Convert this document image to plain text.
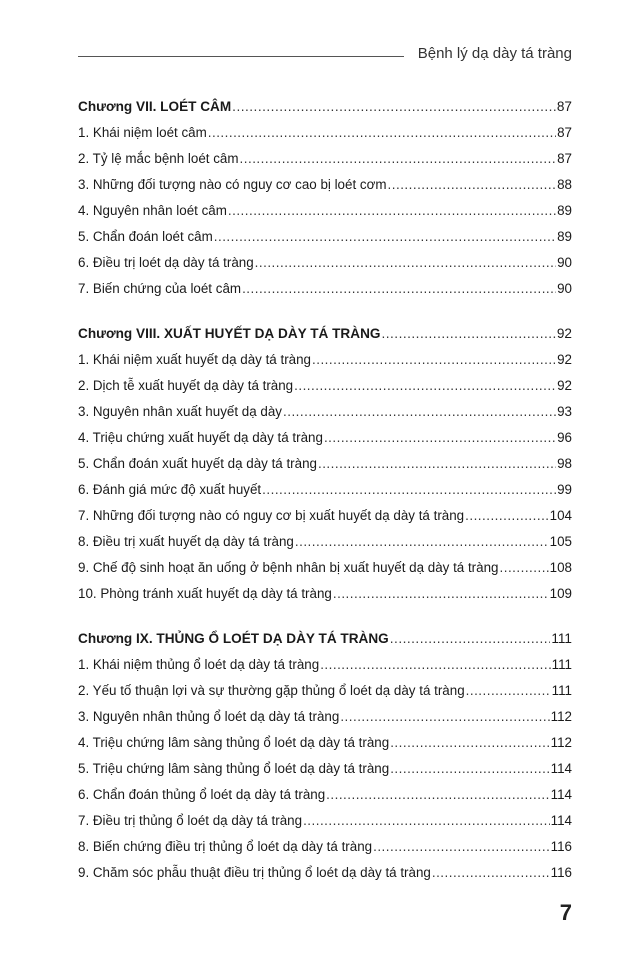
Bệnh lý dạ dày tá tràng
Chương VII. LOÉT CÂM .....	87
1. Khái niệm loét câm .....	87
2. Tỷ lệ mắc bệnh loét câm .....	87
3. Những đối tượng nào có nguy cơ cao bị loét cơm .....	88
4. Nguyên nhân loét câm .....	89
5. Chẩn đoán loét câm .....	89
6. Điều trị loét dạ dày tá tràng .....	90
7. Biến chứng của loét câm .....	90
Chương VIII. XUẤT HUYẾT DẠ DÀY TÁ TRÀNG .....	92
1. Khái niệm xuất huyết dạ dày tá tràng .....	92
2. Dịch tễ xuất huyết dạ dày tá tràng .....	92
3. Nguyên nhân xuất huyết dạ dày .....	93
4. Triệu chứng xuất huyết dạ dày tá tràng .....	96
5. Chẩn đoán xuất huyết dạ dày tá tràng .....	98
6. Đánh giá mức độ xuất huyết .....	99
7. Những đối tượng nào có nguy cơ bị xuất huyết dạ dày tá tràng .....	104
8. Điều trị xuất huyết dạ dày tá tràng .....	105
9. Chế độ sinh hoạt ăn uống ở bệnh nhân bị xuất huyết dạ dày tá tràng .....	108
10. Phòng tránh xuất huyết dạ dày tá tràng .....	109
Chương IX. THỦNG Ổ LOÉT DẠ DÀY TÁ TRÀNG .....	111
1. Khái niệm thủng ổ loét dạ dày tá tràng .....	111
2. Yếu tố thuận lợi và sự thường gặp thủng ổ loét dạ dày tá tràng .....	111
3. Nguyên nhân thủng ổ loét dạ dày tá tràng .....	112
4. Triệu chứng lâm sàng thủng ổ loét dạ dày tá tràng .....	112
5. Triệu chứng lâm sàng thủng ổ loét dạ dày tá tràng .....	114
6. Chẩn đoán thủng ổ loét dạ dày tá tràng .....	114
7. Điều trị thủng ổ loét dạ dày tá tràng .....	114
8. Biến chứng điều trị thủng ổ loét dạ dày tá tràng .....	116
9. Chăm sóc phẫu thuật điều trị thủng ổ loét dạ dày tá tràng .....	116
7
